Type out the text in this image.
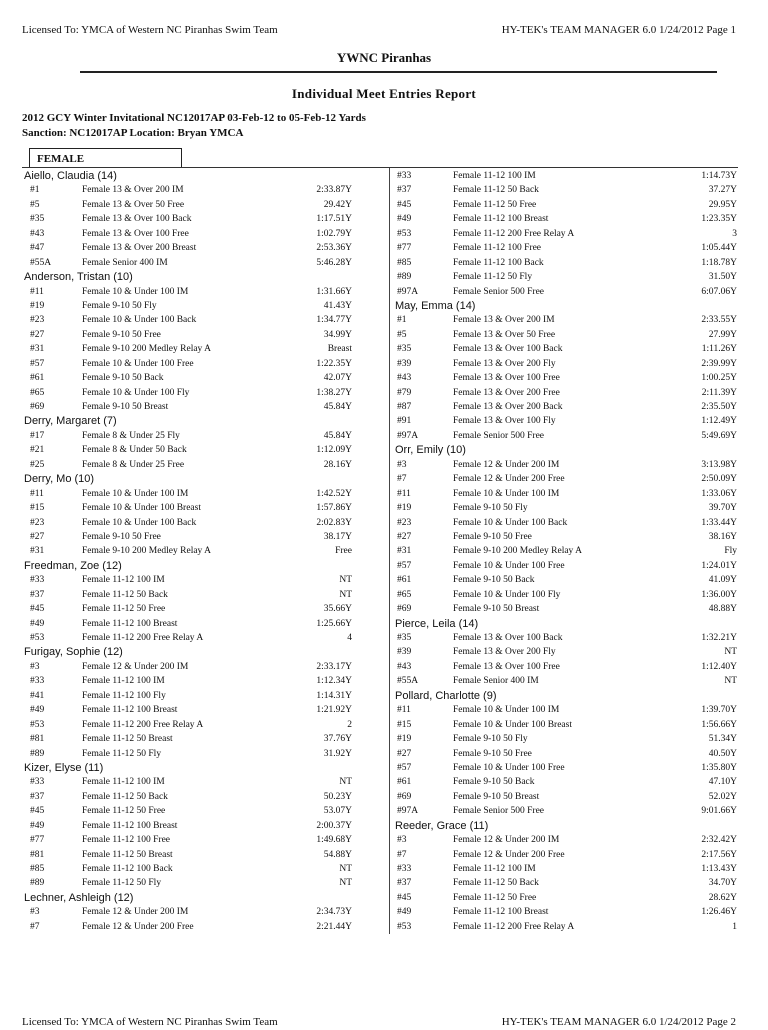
Licensed To: YMCA of Western NC Piranhas Swim Team	HY-TEK's TEAM MANAGER 6.0 1/24/2012 Page 1
YWNC Piranhas
Individual Meet Entries Report
2012 GCY Winter Invitational NC12017AP 03-Feb-12 to 05-Feb-12 Yards
Sanction: NC12017AP Location: Bryan YMCA
FEMALE
Aiello, Claudia (14)
#1	Female 13 & Over 200 IM	2:33.87Y
#5	Female 13 & Over 50 Free	29.42Y
#35	Female 13 & Over 100 Back	1:17.51Y
#43	Female 13 & Over 100 Free	1:02.79Y
#47	Female 13 & Over 200 Breast	2:53.36Y
#55A	Female Senior 400 IM	5:46.28Y
Anderson, Tristan (10)
#11	Female 10 & Under 100 IM	1:31.66Y
#19	Female 9-10 50 Fly	41.43Y
#23	Female 10 & Under 100 Back	1:34.77Y
#27	Female 9-10 50 Free	34.99Y
#31	Female 9-10 200 Medley Relay A	Breast
#57	Female 10 & Under 100 Free	1:22.35Y
#61	Female 9-10 50 Back	42.07Y
#65	Female 10 & Under 100 Fly	1:38.27Y
#69	Female 9-10 50 Breast	45.84Y
Derry, Margaret (7)
#17	Female 8 & Under 25 Fly	45.84Y
#21	Female 8 & Under 50 Back	1:12.09Y
#25	Female 8 & Under 25 Free	28.16Y
Derry, Mo (10)
#11	Female 10 & Under 100 IM	1:42.52Y
#15	Female 10 & Under 100 Breast	1:57.86Y
#23	Female 10 & Under 100 Back	2:02.83Y
#27	Female 9-10 50 Free	38.17Y
#31	Female 9-10 200 Medley Relay A	Free
Freedman, Zoe (12)
#33	Female 11-12 100 IM	NT
#37	Female 11-12 50 Back	NT
#45	Female 11-12 50 Free	35.66Y
#49	Female 11-12 100 Breast	1:25.66Y
#53	Female 11-12 200 Free Relay A	4
Furigay, Sophie (12)
#3	Female 12 & Under 200 IM	2:33.17Y
#33	Female 11-12 100 IM	1:12.34Y
#41	Female 11-12 100 Fly	1:14.31Y
#49	Female 11-12 100 Breast	1:21.92Y
#53	Female 11-12 200 Free Relay A	2
#81	Female 11-12 50 Breast	37.76Y
#89	Female 11-12 50 Fly	31.92Y
Kizer, Elyse (11)
#33	Female 11-12 100 IM	NT
#37	Female 11-12 50 Back	50.23Y
#45	Female 11-12 50 Free	53.07Y
#49	Female 11-12 100 Breast	2:00.37Y
#77	Female 11-12 100 Free	1:49.68Y
#81	Female 11-12 50 Breast	54.88Y
#85	Female 11-12 100 Back	NT
#89	Female 11-12 50 Fly	NT
Lechner, Ashleigh (12)
#3	Female 12 & Under 200 IM	2:34.73Y
#7	Female 12 & Under 200 Free	2:21.44Y
#33	Female 11-12 100 IM	1:14.73Y
#37	Female 11-12 50 Back	37.27Y
#45	Female 11-12 50 Free	29.95Y
#49	Female 11-12 100 Breast	1:23.35Y
#53	Female 11-12 200 Free Relay A	3
#77	Female 11-12 100 Free	1:05.44Y
#85	Female 11-12 100 Back	1:18.78Y
#89	Female 11-12 50 Fly	31.50Y
#97A	Female Senior 500 Free	6:07.06Y
May, Emma (14)
#1	Female 13 & Over 200 IM	2:33.55Y
#5	Female 13 & Over 50 Free	27.99Y
#35	Female 13 & Over 100 Back	1:11.26Y
#39	Female 13 & Over 200 Fly	2:39.99Y
#43	Female 13 & Over 100 Free	1:00.25Y
#79	Female 13 & Over 200 Free	2:11.39Y
#87	Female 13 & Over 200 Back	2:35.50Y
#91	Female 13 & Over 100 Fly	1:12.49Y
#97A	Female Senior 500 Free	5:49.69Y
Orr, Emily (10)
#3	Female 12 & Under 200 IM	3:13.98Y
#7	Female 12 & Under 200 Free	2:50.09Y
#11	Female 10 & Under 100 IM	1:33.06Y
#19	Female 9-10 50 Fly	39.70Y
#23	Female 10 & Under 100 Back	1:33.44Y
#27	Female 9-10 50 Free	38.16Y
#31	Female 9-10 200 Medley Relay A	Fly
#57	Female 10 & Under 100 Free	1:24.01Y
#61	Female 9-10 50 Back	41.09Y
#65	Female 10 & Under 100 Fly	1:36.00Y
#69	Female 9-10 50 Breast	48.88Y
Pierce, Leila (14)
#35	Female 13 & Over 100 Back	1:32.21Y
#39	Female 13 & Over 200 Fly	NT
#43	Female 13 & Over 100 Free	1:12.40Y
#55A	Female Senior 400 IM	NT
Pollard, Charlotte (9)
#11	Female 10 & Under 100 IM	1:39.70Y
#15	Female 10 & Under 100 Breast	1:56.66Y
#19	Female 9-10 50 Fly	51.34Y
#27	Female 9-10 50 Free	40.50Y
#57	Female 10 & Under 100 Free	1:35.80Y
#61	Female 9-10 50 Back	47.10Y
#69	Female 9-10 50 Breast	52.02Y
#97A	Female Senior 500 Free	9:01.66Y
Reeder, Grace (11)
#3	Female 12 & Under 200 IM	2:32.42Y
#7	Female 12 & Under 200 Free	2:17.56Y
#33	Female 11-12 100 IM	1:13.43Y
#37	Female 11-12 50 Back	34.70Y
#45	Female 11-12 50 Free	28.62Y
#49	Female 11-12 100 Breast	1:26.46Y
#53	Female 11-12 200 Free Relay A	1
Licensed To: YMCA of Western NC Piranhas Swim Team	HY-TEK's TEAM MANAGER 6.0 1/24/2012 Page 2
